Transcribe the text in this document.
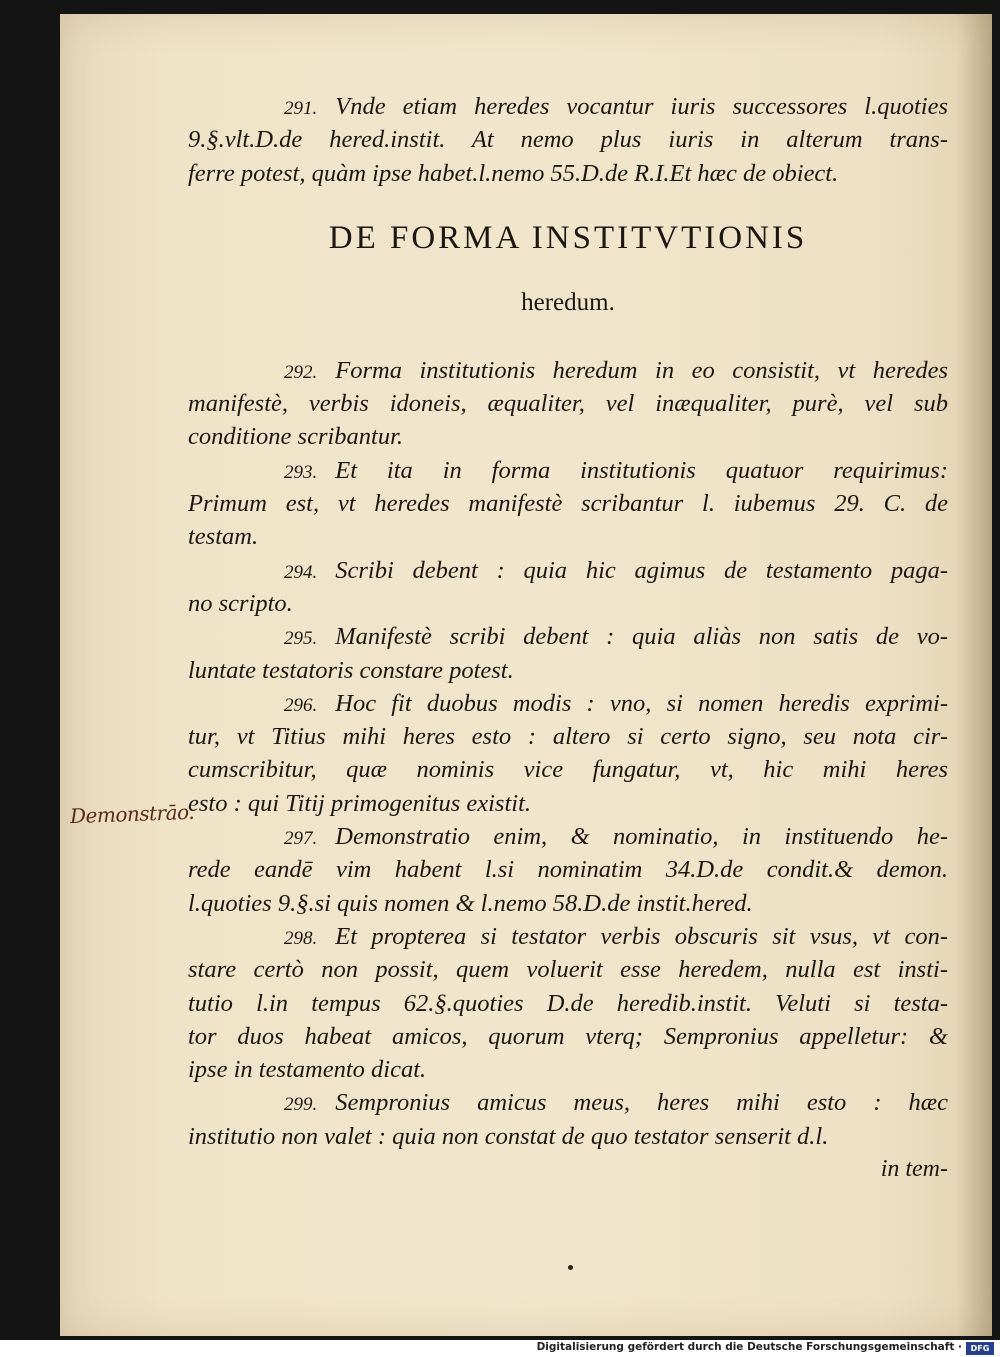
Demonstrāo.
291. Vnde etiam heredes vocantur iuris successores l.quoties
9.§.vlt.D.de hered.instit. At nemo plus iuris in alterum trans-
ferre potest, quàm ipse habet.l.nemo 55.D.de R.I.Et hæc de obiect.
DE FORMA INSTITVTIONIS
heredum.
292. Forma institutionis heredum in eo consistit, vt heredes
manifestè, verbis idoneis, æqualiter, vel inæqualiter, purè, vel sub
conditione scribantur.
293. Et ita in forma institutionis quatuor requirimus:
Primum est, vt heredes manifestè scribantur l. iubemus 29. C. de
testam.
294. Scribi debent : quia hic agimus de testamento paga-
no scripto.
295. Manifestè scribi debent : quia aliàs non satis de vo-
luntate testatoris constare potest.
296. Hoc fit duobus modis : vno, si nomen heredis exprimi-
tur, vt Titius mihi heres esto : altero si certo signo, seu nota cir-
cumscribitur, quæ nominis vice fungatur, vt, hic mihi heres
esto : qui Titij primogenitus existit.
297. Demonstratio enim, & nominatio, in instituendo he-
rede eandē vim habent l.si nominatim 34.D.de condit.& demon.
l.quoties 9.§.si quis nomen & l.nemo 58.D.de instit.hered.
298. Et propterea si testator verbis obscuris sit vsus, vt con-
stare certò non possit, quem voluerit esse heredem, nulla est insti-
tutio l.in tempus 62.§.quoties D.de heredib.instit. Veluti si testa-
tor duos habeat amicos, quorum vterq; Sempronius appelletur: &
ipse in testamento dicat.
299. Sempronius amicus meus, heres mihi esto : hæc
institutio non valet : quia non constat de quo testator senserit d.l.
in tem-
Digitalisierung gefördert durch die Deutsche Forschungsgemeinschaft ·	DFG
